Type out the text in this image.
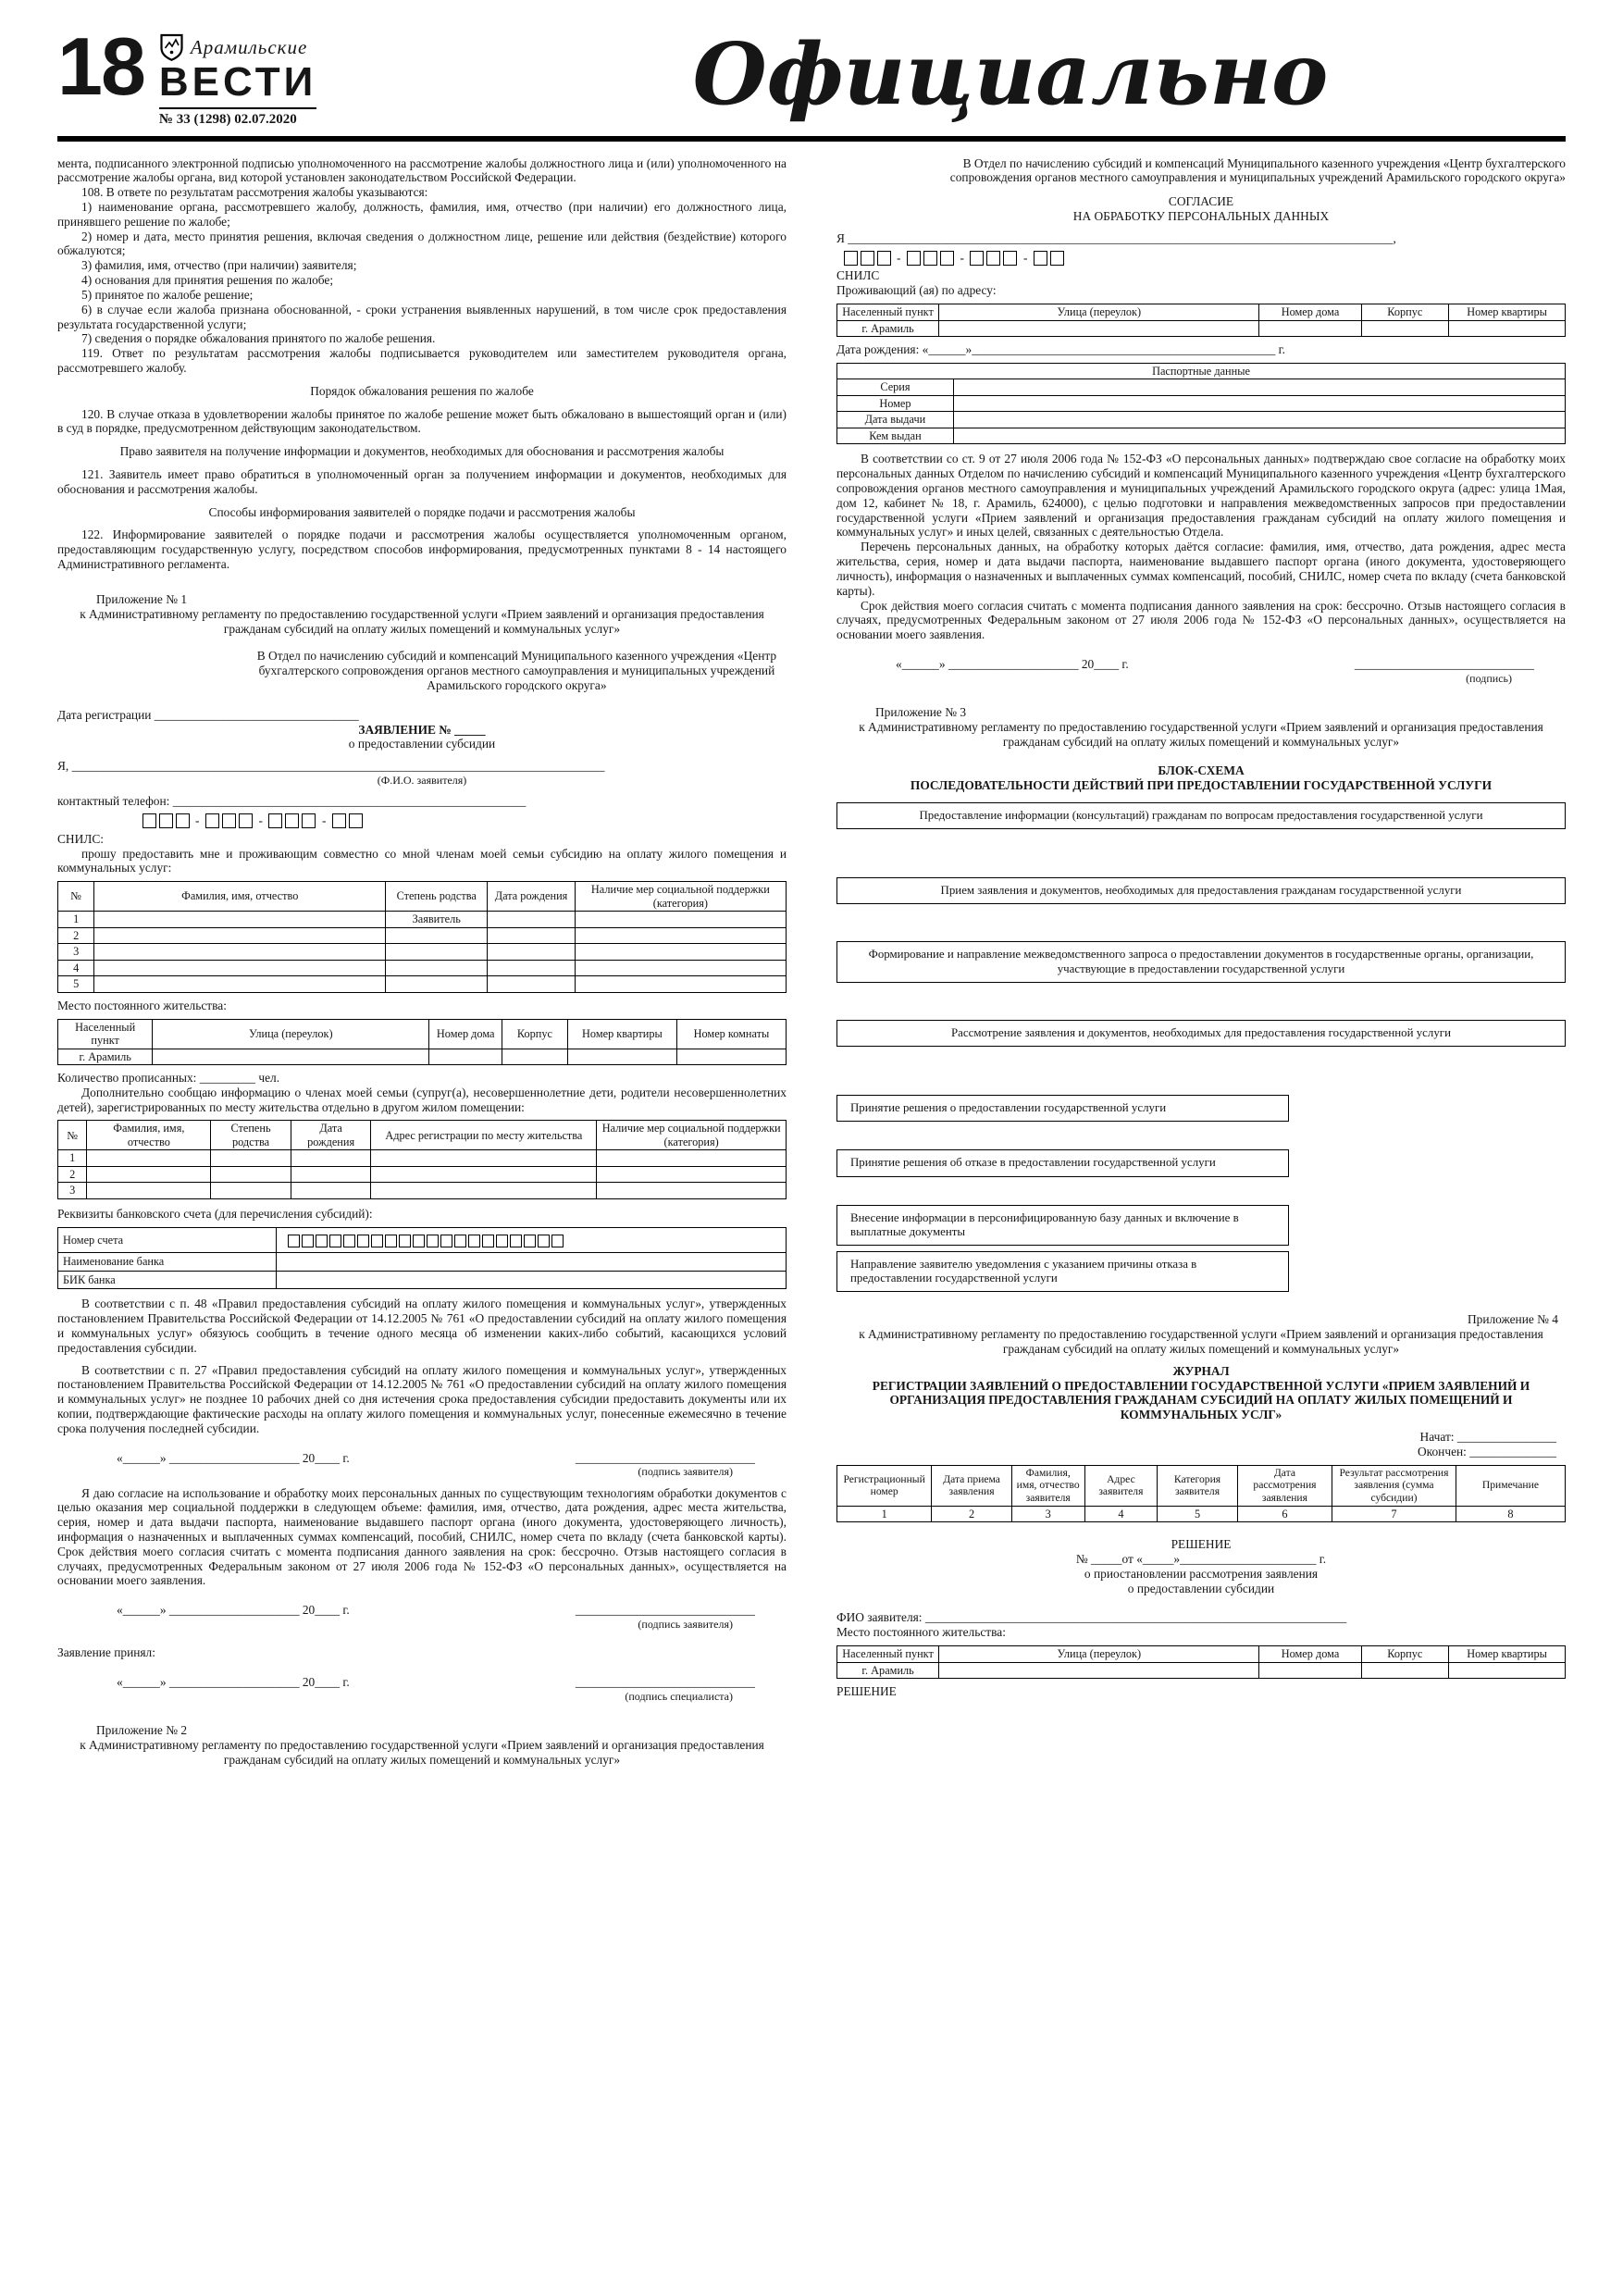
18 Арамильские
ВЕСТИ
№ 33 (1298) 02.07.2020	Официально

мента, подписанного электронной подписью уполномоченного на рассмотрение жалобы должностного лица и (или) уполномоченного на рассмотрение жалобы органа, вид которой установлен законодательством Российской Федерации.

108. В ответе по результатам рассмотрения жалобы указываются:

1) наименование органа, рассмотревшего жалобу, должность, фамилия, имя, отчество (при наличии) его должностного лица, принявшего решение по жалобе;

2) номер и дата, место принятия решения, включая сведения о должностном лице, решение или действия (бездействие) которого обжалуются;

3) фамилия, имя, отчество (при наличии) заявителя;

4) основания для принятия решения по жалобе;

5) принятое по жалобе решение;

6) в случае если жалоба признана обоснованной, - сроки устранения выявленных нарушений, в том числе срок предоставления результата государственной услуги;

7) сведения о порядке обжалования принятого по жалобе решения.

119. Ответ по результатам рассмотрения жалобы подписывается руководителем или заместителем руководителя органа, рассмотревшего жалобу.

Порядок обжалования решения по жалобе

120. В случае отказа в удовлетворении жалобы принятое по жалобе решение может быть обжаловано в вышестоящий орган и (или) в суд в порядке, предусмотренном действующим законодательством.

Право заявителя на получение информации и документов, необходимых для обоснования и рассмотрения жалобы

121. Заявитель имеет право обратиться в уполномоченный орган за получением информации и документов, необходимых для обоснования и рассмотрения жалобы.

Способы информирования заявителей о порядке подачи и рассмотрения жалобы

122. Информирование заявителей о порядке подачи и рассмотрения жалобы осуществляется уполномоченным органом, предоставляющим государственную услугу, посредством способов информирования, предусмотренных пунктами 8 - 14 настоящего Административного регламента.

Приложение № 1

к Административному регламенту по предоставлению государственной услуги «Прием заявлений и организация предоставления гражданам субсидий на оплату жилых помещений и коммунальных услуг»

В Отдел по начислению субсидий и компенсаций Муниципального казенного учреждения «Центр бухгалтерского сопровождения органов местного самоуправления и муниципальных учреждений Арамильского городского округа»

Дата регистрации _________________________________

ЗАЯВЛЕНИЕ № _____

о предоставлении субсидии

Я, ______________________________________________________________________________________

(Ф.И.О. заявителя)

контактный телефон: _________________________________________________________

-	-	-

СНИЛС:

прошу предоставить мне и проживающим совместно со мной членам моей семьи субсидию на оплату жилого помещения и коммунальных услуг:

№	Фамилия, имя, отчество	Степень родства	Дата рождения	Наличие мер социальной поддержки (категория)
1		Заявитель		
2				
3				
4				
5				

Место постоянного жительства:

Населенный пункт	Улица (переулок)	Номер дома	Корпус	Номер квартиры	Номер комнаты
г. Арамиль					

Количество прописанных: _________ чел.

Дополнительно сообщаю информацию о членах моей семьи (супруг(а), несовершеннолетние дети, родители несовершеннолетних детей), зарегистрированных по месту жительства отдельно в другом жилом помещении:

№	Фамилия, имя, отчество	Степень родства	Дата рождения	Адрес регистрации по месту жительства	Наличие мер социальной поддержки (категория)
1					
2					
3					

Реквизиты банковского счета (для перечисления субсидий):

Номер счета	

Наименование банка	
БИК банка	

В соответствии с п. 48 «Правил предоставления субсидий на оплату жилого помещения и коммунальных услуг», утвержденных постановлением Правительства Российской Федерации от 14.12.2005 № 761 «О предоставлении субсидий на оплату жилого помещения и коммунальных услуг» обязуюсь сообщить в течение одного месяца об изменении каких-либо событий, касающихся условий предоставления субсидии.

В соответствии с п. 27 «Правил предоставления субсидий на оплату жилого помещения и коммунальных услуг», утвержденных постановлением Правительства Российской Федерации от 14.12.2005 № 761 «О предоставлении субсидий на оплату жилого помещения и коммунальных услуг» не позднее 10 рабочих дней со дня истечения срока предоставления субсидии предоставить документы или их копии, подтверждающие фактические расходы на оплату жилого помещения и коммунальных услуг, понесенные ежемесячно в течение срока получения последней субсидии.

«______» _____________________ 20____ г.	_____________________________

(подпись заявителя)

Я даю согласие на использование и обработку моих персональных данных по существующим технологиям обработки документов с целью оказания мер социальной поддержки в следующем объеме: фамилия, имя, отчество, дата рождения, адрес места жительства, серия, номер и дата выдачи паспорта, наименование выдавшего паспорт органа (иного документа, удостоверяющего личность), информация о назначенных и выплаченных суммах компенсаций, пособий, СНИЛС, номер счета по вкладу (счета банковской карты). Срок действия моего согласия считать с момента подписания данного заявления на срок: бессрочно. Отзыв настоящего согласия в случаях, предусмотренных Федеральным законом от 27 июля 2006 года № 152-ФЗ «О персональных данных», осуществляется на основании моего заявления.

«______» _____________________ 20____ г.	_____________________________

(подпись заявителя)

Заявление принял:

«______» _____________________ 20____ г.	_____________________________

(подпись специалиста)

Приложение № 2

к Административному регламенту по предоставлению государственной услуги «Прием заявлений и организация предоставления гражданам субсидий на оплату жилых помещений и коммунальных услуг»

В Отдел по начислению субсидий и компенсаций Муниципального казенного учреждения «Центр бухгалтерского сопровождения органов местного самоуправления и муниципальных учреждений Арамильского городского округа»

СОГЛАСИЕ

НА ОБРАБОТКУ ПЕРСОНАЛЬНЫХ ДАННЫХ

Я ________________________________________________________________________________________,

-	-	-

СНИЛС

Проживающий (ая) по адресу:

Населенный пункт	Улица (переулок)	Номер дома	Корпус	Номер квартиры
г. Арамиль				

Дата рождения: «______»_________________________________________________ г.

Паспортные данные	
Серия	
Номер	
Дата выдачи	
Кем выдан	

В соответствии со ст. 9 от 27 июля 2006 года № 152-ФЗ «О персональных данных» подтверждаю свое согласие на обработку моих персональных данных Отделом по начислению субсидий и компенсаций Муниципального казенного учреждения «Центр бухгалтерского сопровождения органов местного самоуправления и муниципальных учреждений Арамильского городского округа (адрес: улица 1Мая, дом 12, кабинет № 18, г. Арамиль, 624000), с целью подготовки и направления межведомственных запросов при предоставлении государственной услуги «Прием заявлений и организация предоставления гражданам субсидий на оплату жилого помещения и коммунальных услуг» и иных целей, связанных с деятельностью Отдела.

Перечень персональных данных, на обработку которых даётся согласие: фамилия, имя, отчество, дата рождения, адрес места жительства, серия, номер и дата выдачи паспорта, наименование выдавшего паспорт органа (иного документа, удостоверяющего личность), информация о назначенных и выплаченных суммах компенсаций, пособий, СНИЛС, номер счета по вкладу (счета банковской карты).

Срок действия моего согласия считать с момента подписания данного заявления на срок: бессрочно. Отзыв настоящего согласия в случаях, предусмотренных Федеральным законом от 27 июля 2006 года № 152-ФЗ «О персональных данных», осуществляется на основании моего заявления.

«______» _____________________ 20____ г.	_____________________________

(подпись)

Приложение № 3

к Административному регламенту по предоставлению государственной услуги «Прием заявлений и организация предоставления гражданам субсидий на оплату жилых помещений и коммунальных услуг»

БЛОК-СХЕМА

ПОСЛЕДОВАТЕЛЬНОСТИ ДЕЙСТВИЙ ПРИ ПРЕДОСТАВЛЕНИИ ГОСУДАРСТВЕННОЙ УСЛУГИ

Предоставление информации (консультаций) гражданам по вопросам предоставления государственной услуги
Прием заявления и документов, необходимых для предоставления гражданам государственной услуги
Формирование и направление межведомственного запроса о предоставлении документов в государственные органы, организации, участвующие в предоставлении государственной услуги
Рассмотрение заявления и документов, необходимых для предоставления государственной услуги
Принятие решения о предоставлении государственной услуги
Принятие решения об отказе в предоставлении государственной услуги
Внесение информации в персонифицированную базу данных и включение в выплатные документы
Направление заявителю уведомления с указанием причины отказа в предоставлении государственной услуги

Приложение № 4

к Административному регламенту по предоставлению государственной услуги «Прием заявлений и организация предоставления гражданам субсидий на оплату жилых помещений и коммунальных услуг»

ЖУРНАЛ

РЕГИСТРАЦИИ ЗАЯВЛЕНИЙ О ПРЕДОСТАВЛЕНИИ ГОСУДАРСТВЕННОЙ УСЛУГИ «ПРИЕМ ЗАЯВЛЕНИЙ И ОРГАНИЗАЦИЯ ПРЕДОСТАВЛЕНИЯ ГРАЖДАНАМ СУБСИДИЙ НА ОПЛАТУ ЖИЛЫХ ПОМЕЩЕНИЙ И КОММУНАЛЬНЫХ УСЛГ»

Начат: ________________

Окончен: ______________

Регистрационный номер	Дата приема заявления	Фамилия, имя, отчество заявителя	Адрес заявителя	Категория заявителя	Дата рассмотрения заявления	Результат рассмотрения заявления (сумма субсидии)	Примечание
1	2	3	4	5	6	7	8

РЕШЕНИЕ

№ _____от «_____»______________________ г.

о приостановлении рассмотрения заявления

о предоставлении субсидии

ФИО заявителя: ____________________________________________________________________

Место постоянного жительства:

Населенный пункт	Улица (переулок)	Номер дома	Корпус	Номер квартиры
г. Арамиль				

РЕШЕНИЕ
